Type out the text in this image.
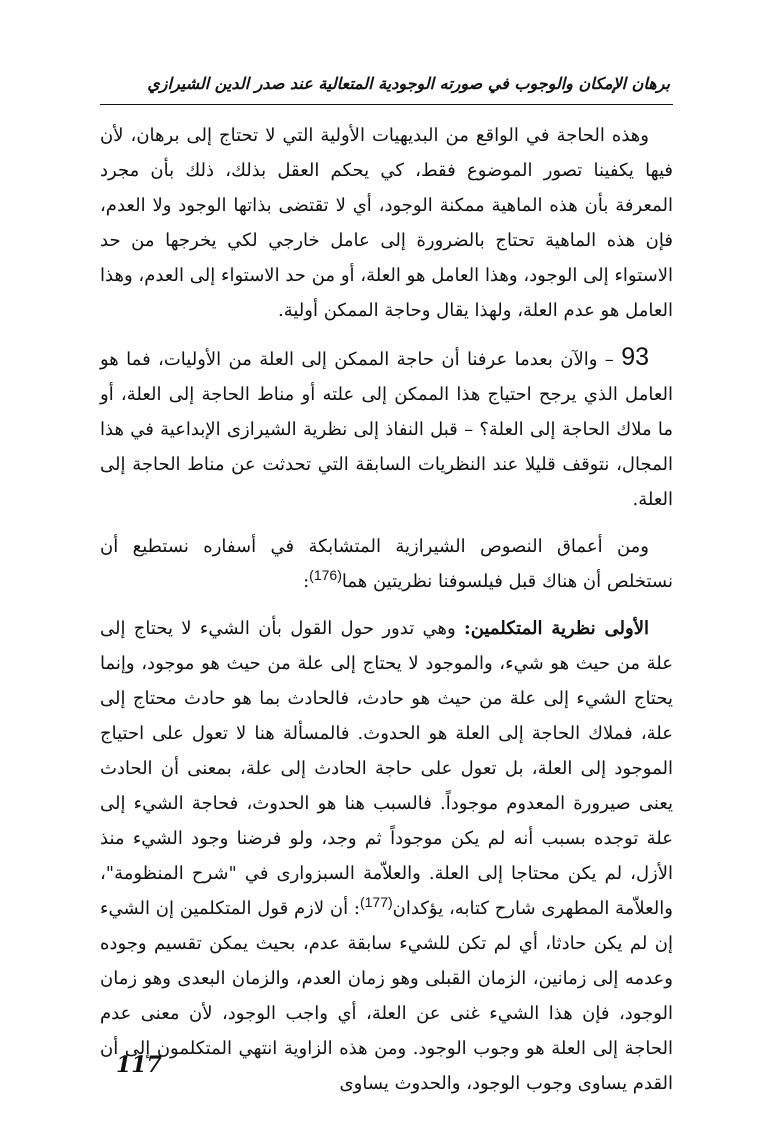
برهان الإمكان والوجوب في صورته الوجودية المتعالية عند صدر الدين الشيرازي

وهذه الحاجة في الواقع من البديهيات الأولية التي لا تحتاج إلى برهان، لأن فيها يكفينا تصور الموضوع فقط، كي يحكم العقل بذلك، ذلك بأن مجرد المعرفة بأن هذه الماهية ممكنة الوجود، أي لا تقتضى بذاتها الوجود ولا العدم، فإن هذه الماهية تحتاج بالضرورة إلى عامل خارجي لكي يخرجها من حد الاستواء إلى الوجود، وهذا العامل هو العلة، أو من حد الاستواء إلى العدم، وهذا العامل هو عدم العلة، ولهذا يقال وحاجة الممكن أولية.

93 – والآن بعدما عرفنا أن حاجة الممكن إلى العلة من الأوليات، فما هو العامل الذي يرجح احتياج هذا الممكن إلى علته أو مناط الحاجة إلى العلة، أو ما ملاك الحاجة إلى العلة؟ – قبل النفاذ إلى نظرية الشيرازى الإبداعية في هذا المجال، نتوقف قليلا عند النظريات السابقة التي تحدثت عن مناط الحاجة إلى العلة.

ومن أعماق النصوص الشيرازية المتشابكة في أسفاره نستطيع أن نستخلص أن هناك قبل فيلسوفنا نظريتين هما$^{(176)}$:

الأولى نظرية المتكلمين: وهي تدور حول القول بأن الشيء لا يحتاج إلى علة من حيث هو شيء، والموجود لا يحتاج إلى علة من حيث هو موجود، وإنما يحتاج الشيء إلى علة من حيث هو حادث، فالحادث بما هو حادث محتاج إلى علة، فملاك الحاجة إلى العلة هو الحدوث. فالمسألة هنا لا تعول على احتياج الموجود إلى العلة، بل تعول على حاجة الحادث إلى علة، بمعنى أن الحادث يعنى صيرورة المعدوم موجوداً. فالسبب هنا هو الحدوث، فحاجة الشيء إلى علة توجده بسبب أنه لم يكن موجوداً ثم وجد، ولو فرضنا وجود الشيء منذ الأزل، لم يكن محتاجا إلى العلة. والعلاّمة السبزوارى في "شرح المنظومة"، والعلاّمة المطهرى شارح كتابه، يؤكدان$^{(177)}$: أن لازم قول المتكلمين إن الشيء إن لم يكن حادثا، أي لم تكن للشيء سابقة عدم، بحيث يمكن تقسيم وجوده وعدمه إلى زمانين، الزمان القبلى وهو زمان العدم، والزمان البعدى وهو زمان الوجود، فإن هذا الشيء غنى عن العلة، أي واجب الوجود، لأن معنى عدم الحاجة إلى العلة هو وجوب الوجود. ومن هذه الزاوية انتهي المتكلمون إلى أن القدم يساوى وجوب الوجود، والحدوث يساوى

117
